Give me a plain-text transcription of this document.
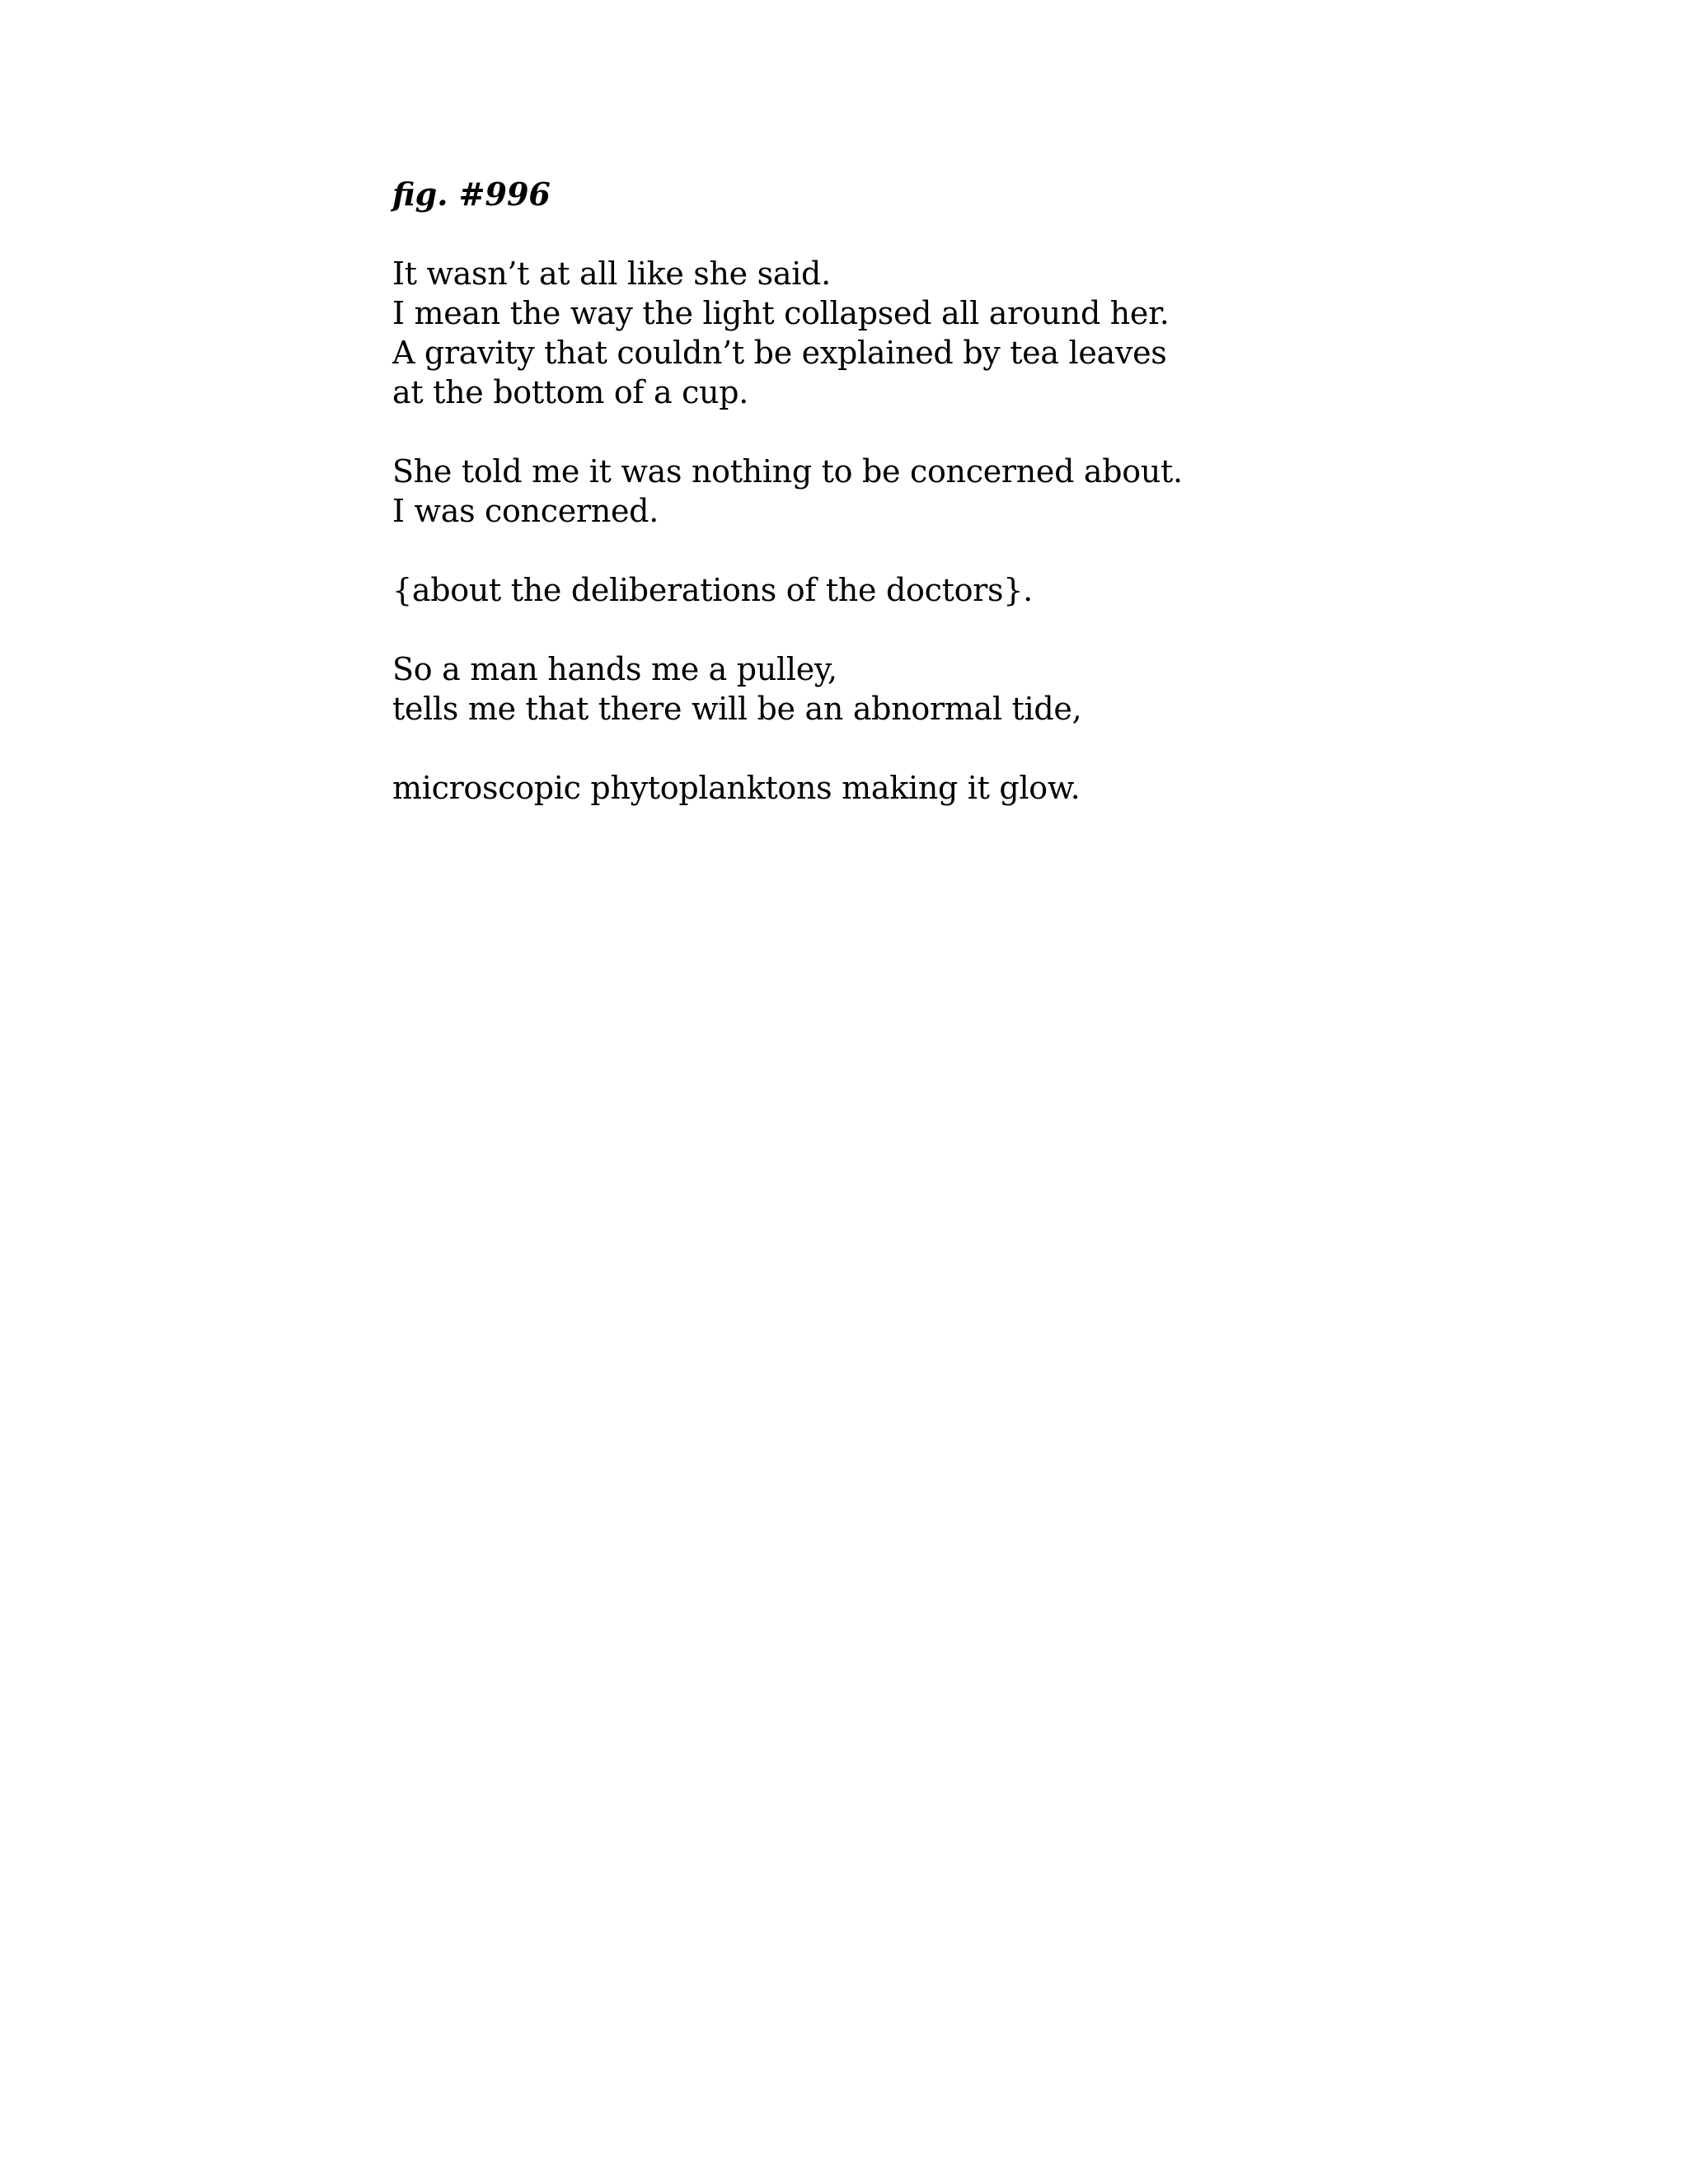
fig. #996
It wasn’t at all like she said.
I mean the way the light collapsed all around her.
A gravity that couldn’t be explained by tea leaves
at the bottom of a cup.
She told me it was nothing to be concerned about.
I was concerned.
{about the deliberations of the doctors}.
So a man hands me a pulley,
tells me that there will be an abnormal tide,
microscopic phytoplanktons making it glow.
